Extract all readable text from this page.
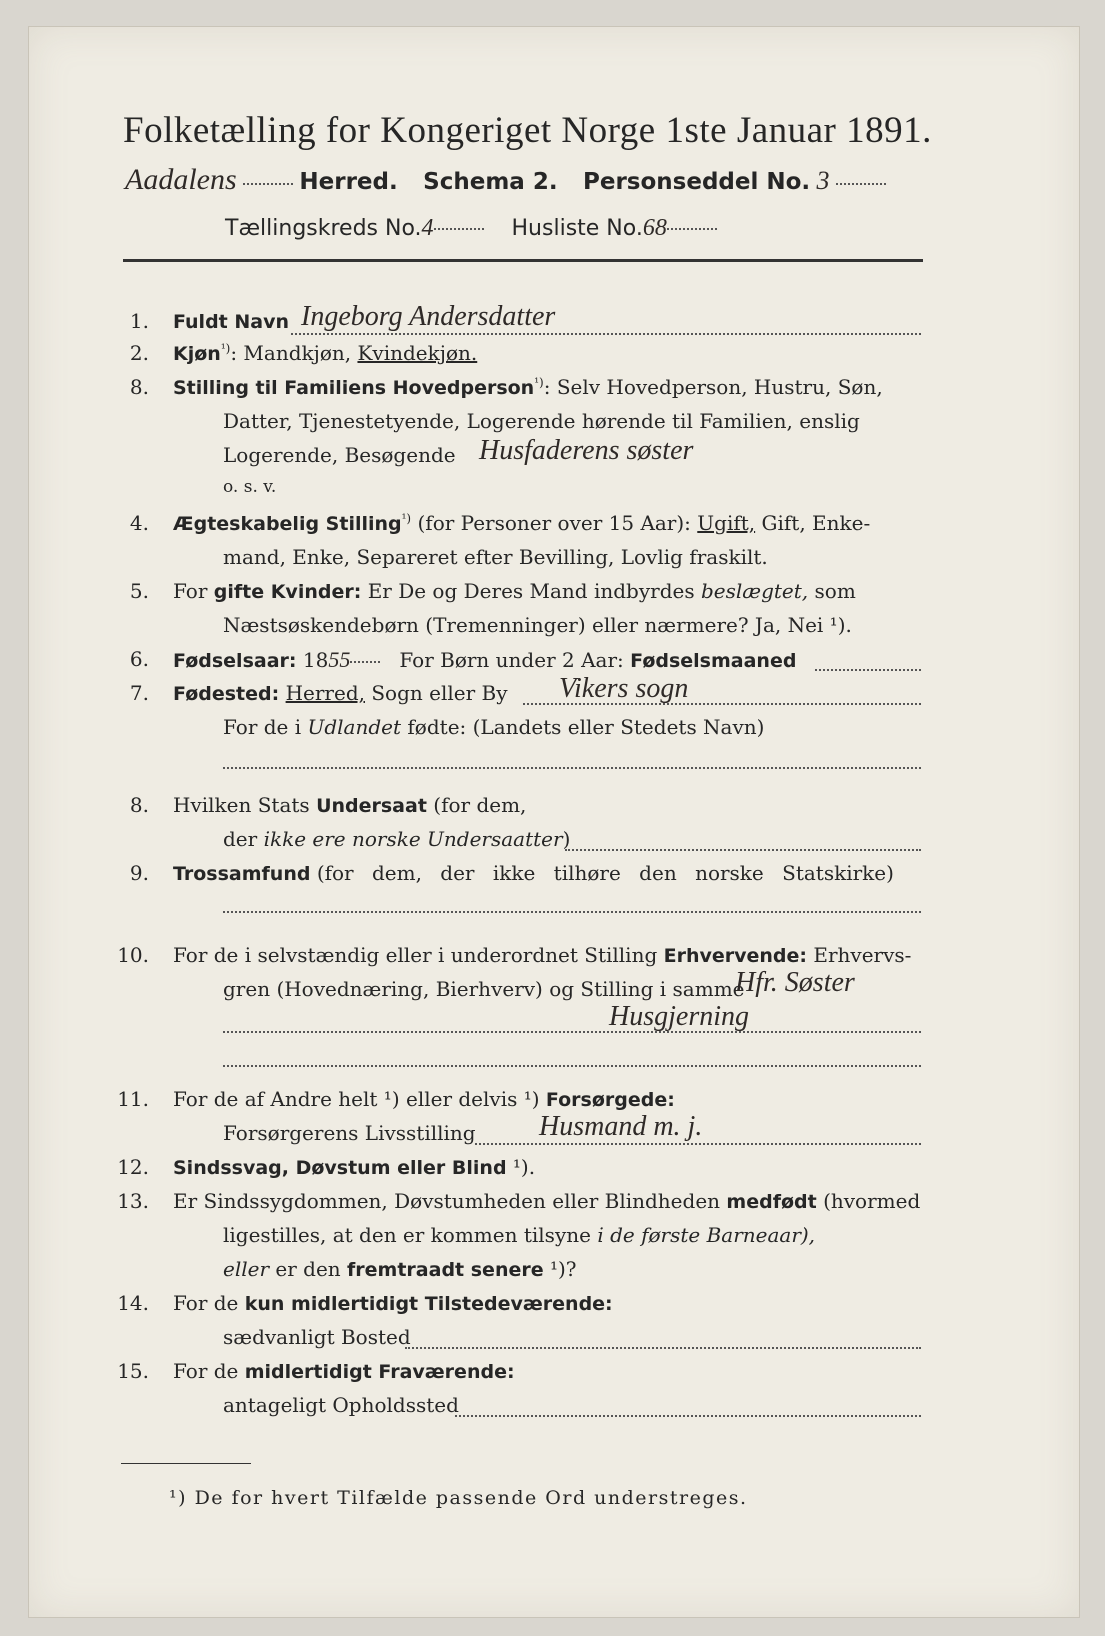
Folketælling for Kongeriget Norge 1ste Januar 1891.
Aadalens	Herred. Schema 2. Personseddel No. 3
Tællingskreds No.4	Husliste No.68
1. Fuldt Navn Ingeborg Andersdatter
2. Kjøn$^{^1)}$: Mandkjøn, Kvindekjøn.
8. Stilling til Familiens Hovedperson$^{^1)}$: Selv Hovedperson, Hustru, Søn,
Datter, Tjenestetyende, Logerende hørende til Familien, enslig
Logerende, Besøgende Husfaderens søster
o. s. v.
4. Ægteskabelig Stilling$^{^1)}$ (for Personer over 15 Aar): Ugift, Gift, Enke-
mand, Enke, Separeret efter Bevilling, Lovlig fraskilt.
5. For gifte Kvinder: Er De og Deres Mand indbyrdes beslægtet, som
Næstsøskendebørn (Tremenninger) eller nærmere? Ja, Nei ¹).
6. Fødselsaar: 1855 For Børn under 2 Aar: Fødselsmaaned
7. Fødested: Herred, Sogn eller By Vikers sogn
For de i Udlandet fødte: (Landets eller Stedets Navn)
8. Hvilken Stats Undersaat (for dem,
der ikke ere norske Undersaatter)
9. Trossamfund (for dem, der ikke tilhøre den norske Statskirke)
10. For de i selvstændig eller i underordnet Stilling Erhvervende: Erhvervs-
gren (Hovednæring, Bierhverv) og Stilling i samme
Hfr. Søster
Husgjerning
11. For de af Andre helt ¹) eller delvis ¹) Forsørgede:
Forsørgerens Livsstilling Husmand m. j.
12. Sindssvag, Døvstum eller Blind ¹).
13. Er Sindssygdommen, Døvstumheden eller Blindheden medfødt (hvormed
ligestilles, at den er kommen tilsyne i de første Barneaar),
eller er den fremtraadt senere ¹)?
14. For de kun midlertidigt Tilstedeværende:
sædvanligt Bosted
15. For de midlertidigt Fraværende:
antageligt Opholdssted
¹) De for hvert Tilfælde passende Ord understreges.
